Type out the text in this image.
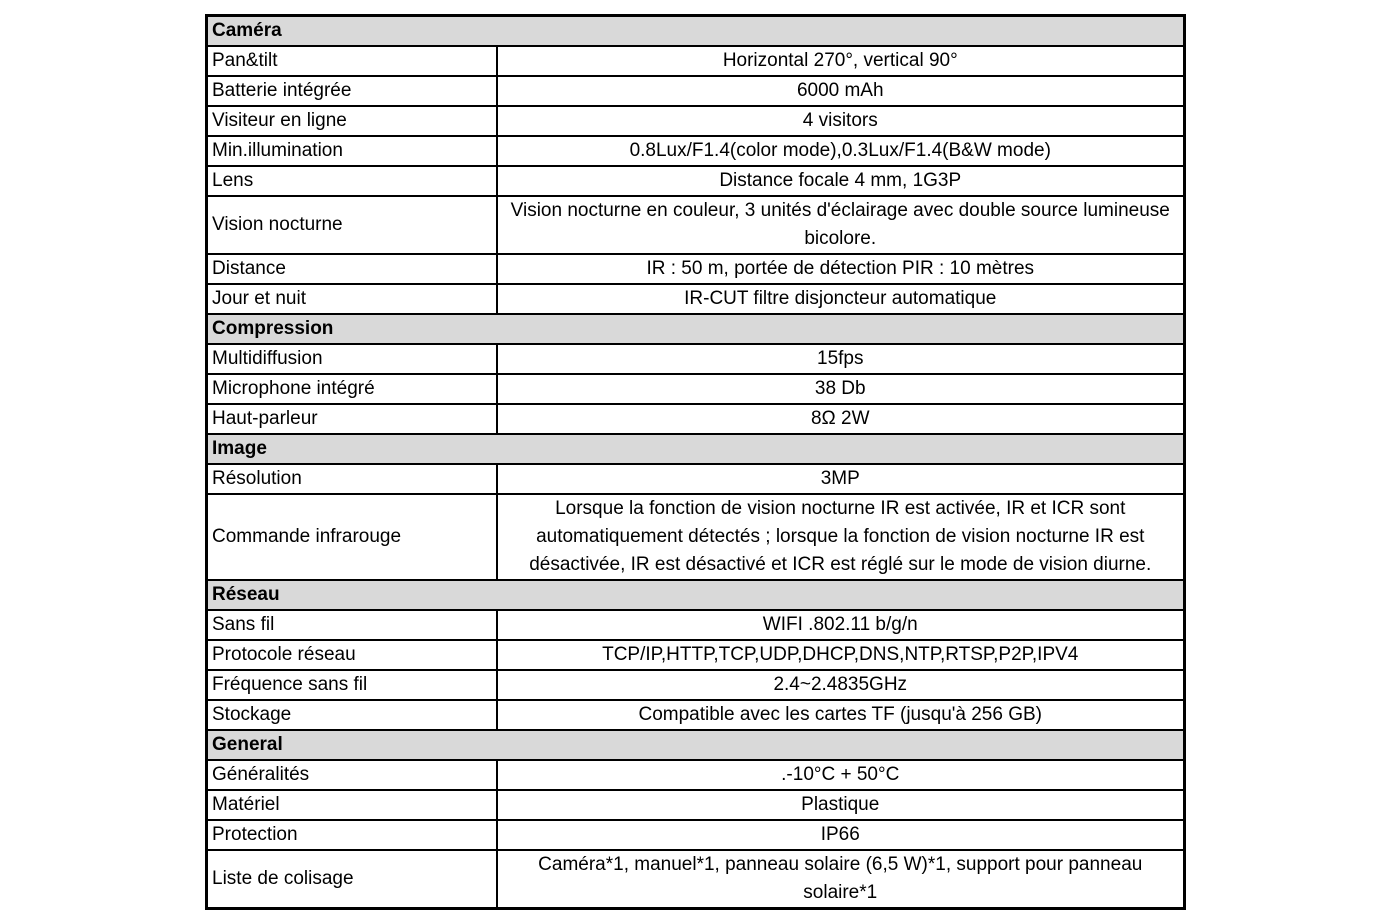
Caméra	
Pan&tilt	Horizontal 270°, vertical 90°
Batterie intégrée	6000 mAh
Visiteur en ligne	4 visitors
Min.illumination	0.8Lux/F1.4(color mode),0.3Lux/F1.4(B&W mode)
Lens	Distance focale 4 mm, 1G3P
Vision nocturne	Vision nocturne en couleur, 3 unités d'éclairage avec double source lumineuse bicolore.
Distance	IR : 50 m, portée de détection PIR : 10 mètres
Jour et nuit	IR-CUT filtre disjoncteur automatique
Compression	
Multidiffusion	15fps
Microphone intégré	38 Db
Haut-parleur	8Ω 2W
Image	
Résolution	3MP
Commande infrarouge	Lorsque la fonction de vision nocturne IR est activée, IR et ICR sont automatiquement détectés ; lorsque la fonction de vision nocturne IR est désactivée, IR est désactivé et ICR est réglé sur le mode de vision diurne.
Réseau	
Sans fil	WIFI .802.11 b/g/n
Protocole réseau	TCP/IP,HTTP,TCP,UDP,DHCP,DNS,NTP,RTSP,P2P,IPV4
Fréquence sans fil	2.4~2.4835GHz
Stockage	Compatible avec les cartes TF (jusqu'à 256 GB)
General	
Généralités	.-10°C + 50°C
Matériel	Plastique
Protection	IP66
Liste de colisage	Caméra*1, manuel*1, panneau solaire (6,5 W)*1, support pour panneau solaire*1
